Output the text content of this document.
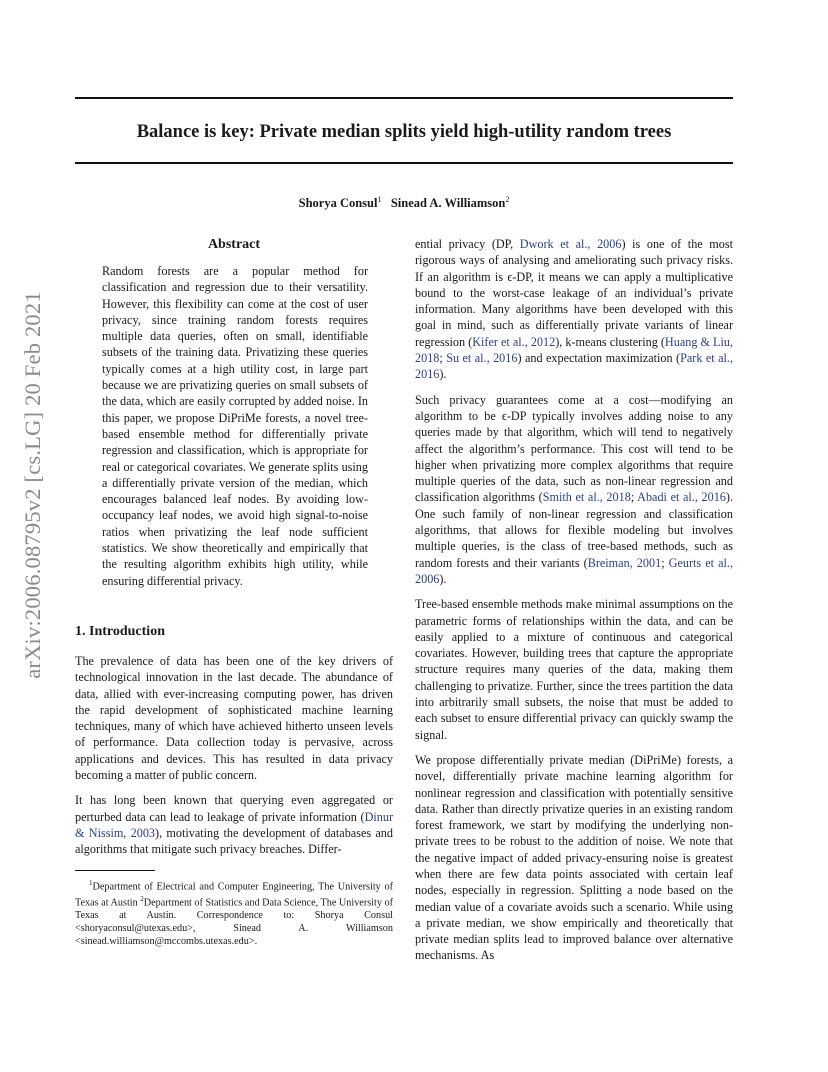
Balance is key: Private median splits yield high-utility random trees
Shorya Consul$^1$ Sinead A. Williamson$^2$
arXiv:2006.08795v2 [cs.LG] 20 Feb 2021
Abstract
Random forests are a popular method for classification and regression due to their versatility. However, this flexibility can come at the cost of user privacy, since training random forests requires multiple data queries, often on small, identifiable subsets of the training data. Privatizing these queries typically comes at a high utility cost, in large part because we are privatizing queries on small subsets of the data, which are easily corrupted by added noise. In this paper, we propose DiPriMe forests, a novel tree-based ensemble method for differentially private regression and classification, which is appropriate for real or categorical covariates. We generate splits using a differentially private version of the median, which encourages balanced leaf nodes. By avoiding low-occupancy leaf nodes, we avoid high signal-to-noise ratios when privatizing the leaf node sufficient statistics. We show theoretically and empirically that the resulting algorithm exhibits high utility, while ensuring differential privacy.
1. Introduction

The prevalence of data has been one of the key drivers of technological innovation in the last decade. The abundance of data, allied with ever-increasing computing power, has driven the rapid development of sophisticated machine learning techniques, many of which have achieved hitherto unseen levels of performance. Data collection today is pervasive, across applications and devices. This has resulted in data privacy becoming a matter of public concern.

It has long been known that querying even aggregated or perturbed data can lead to leakage of private information (Dinur & Nissim, 2003), motivating the development of databases and algorithms that mitigate such privacy breaches. Differ-

$^1$Department of Electrical and Computer Engineering, The University of Texas at Austin $^2$Department of Statistics and Data Science, The University of Texas at Austin. Correspondence to: Shorya Consul <shoryaconsul@utexas.edu>, Sinead A. Williamson <sinead.williamson@mccombs.utexas.edu>.

ential privacy (DP, Dwork et al., 2006) is one of the most rigorous ways of analysing and ameliorating such privacy risks. If an algorithm is ϵ-DP, it means we can apply a multiplicative bound to the worst-case leakage of an individual’s private information. Many algorithms have been developed with this goal in mind, such as differentially private variants of linear regression (Kifer et al., 2012), k-means clustering (Huang & Liu, 2018; Su et al., 2016) and expectation maximization (Park et al., 2016).

Such privacy guarantees come at a cost—modifying an algorithm to be ϵ-DP typically involves adding noise to any queries made by that algorithm, which will tend to negatively affect the algorithm’s performance. This cost will tend to be higher when privatizing more complex algorithms that require multiple queries of the data, such as non-linear regression and classification algorithms (Smith et al., 2018; Abadi et al., 2016). One such family of non-linear regression and classification algorithms, that allows for flexible modeling but involves multiple queries, is the class of tree-based methods, such as random forests and their variants (Breiman, 2001; Geurts et al., 2006).

Tree-based ensemble methods make minimal assumptions on the parametric forms of relationships within the data, and can be easily applied to a mixture of continuous and categorical covariates. However, building trees that capture the appropriate structure requires many queries of the data, making them challenging to privatize. Further, since the trees partition the data into arbitrarily small subsets, the noise that must be added to each subset to ensure differential privacy can quickly swamp the signal.

We propose differentially private median (DiPriMe) forests, a novel, differentially private machine learning algorithm for nonlinear regression and classification with potentially sensitive data. Rather than directly privatize queries in an existing random forest framework, we start by modifying the underlying non-private trees to be robust to the addition of noise. We note that the negative impact of added privacy-ensuring noise is greatest when there are few data points associated with certain leaf nodes, especially in regression. Splitting a node based on the median value of a covariate avoids such a scenario. While using a private median, we show empirically and theoretically that private median splits lead to improved balance over alternative mechanisms. As
